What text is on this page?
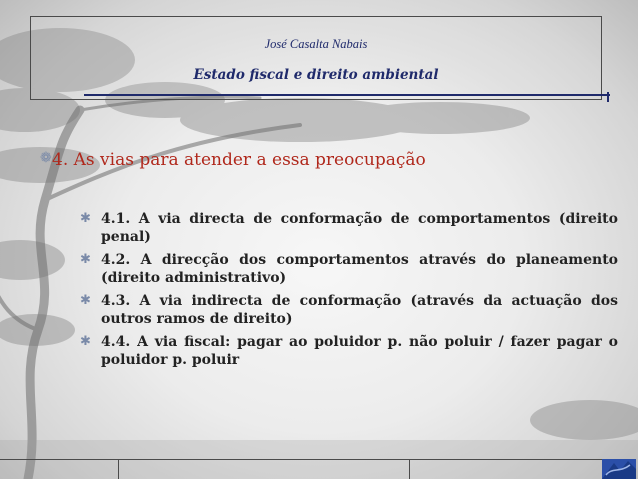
José Casalta Nabais
Estado fiscal e direito ambiental
❁ 4. As vias para atender a essa preocupação
✱ 4.1. A via directa de conformação de comportamentos (direito penal)
✱ 4.2. A direcção dos comportamentos através do planeamento (direito administrativo)
✱ 4.3. A via indirecta de conformação (através da actuação dos outros ramos de direito)
✱ 4.4. A via fiscal: pagar ao poluidor p. não poluir / fazer pagar o poluidor p. poluir
